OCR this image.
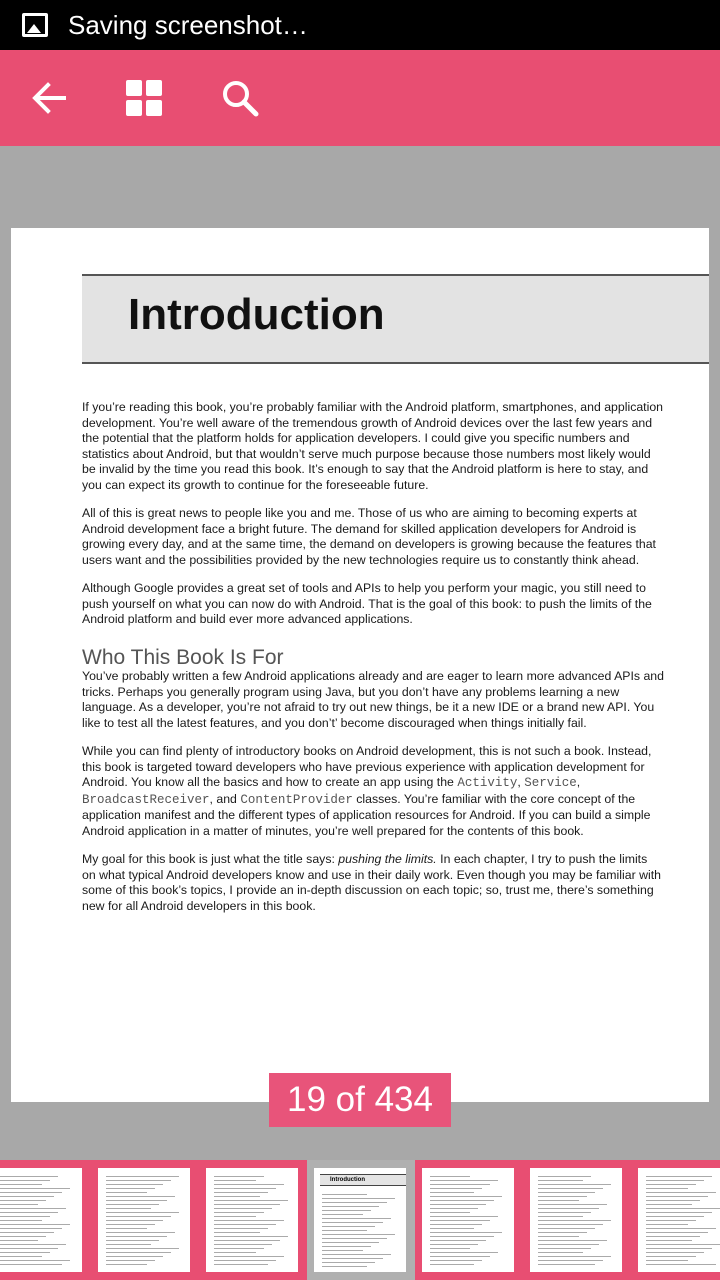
Saving screenshot…
Introduction

If you’re reading this book, you’re probably familiar with the Android platform, smartphones, and application development. You’re well aware of the tremendous growth of Android devices over the last few years and the potential that the platform holds for application developers. I could give you specific numbers and statistics about Android, but that wouldn’t serve much purpose because those numbers most likely would be invalid by the time you read this book. It’s enough to say that the Android platform is here to stay, and you can expect its growth to continue for the foreseeable future.

All of this is great news to people like you and me. Those of us who are aiming to becoming experts at Android development face a bright future. The demand for skilled application developers for Android is growing every day, and at the same time, the demand on developers is growing because the features that users want and the possibilities provided by the new technologies require us to constantly think ahead.

Although Google provides a great set of tools and APIs to help you perform your magic, you still need to push yourself on what you can now do with Android. That is the goal of this book: to push the limits of the Android platform and build ever more advanced applications.

Who This Book Is For

You’ve probably written a few Android applications already and are eager to learn more advanced APIs and tricks. Perhaps you generally program using Java, but you don’t have any problems learning a new language. As a developer, you’re not afraid to try out new things, be it a new IDE or a brand new API. You like to test all the latest features, and you don’t’ become discouraged when things initially fail.

While you can find plenty of introductory books on Android development, this is not such a book. Instead, this book is targeted toward developers who have previous experience with application development for Android. You know all the basics and how to create an app using the Activity, Service, BroadcastReceiver, and ContentProvider classes. You’re familiar with the core concept of the application manifest and the different types of application resources for Android. If you can build a simple Android application in a matter of minutes, you’re well prepared for the contents of this book.

My goal for this book is just what the title says: pushing the limits. In each chapter, I try to push the limits on what typical Android developers know and use in their daily work. Even though you may be familiar with some of this book’s topics, I provide an in-depth discussion on each topic; so, trust me, there’s something new for all Android developers in this book.

19 of 434
Introduction
